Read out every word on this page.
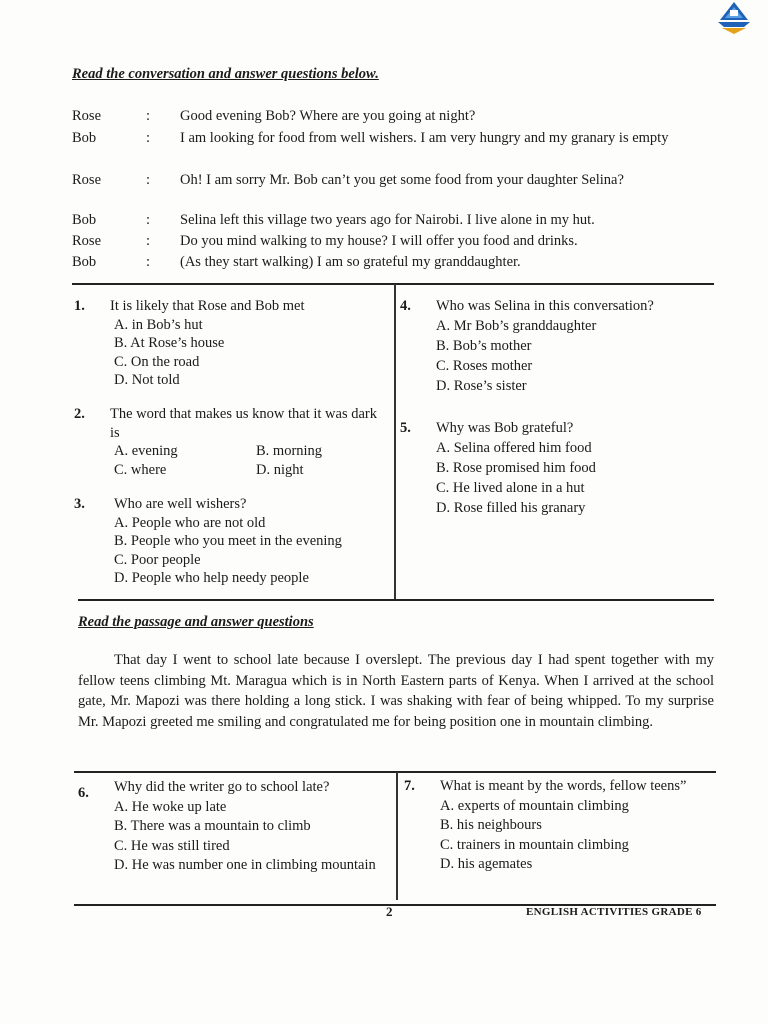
Read the conversation and answer questions below.
Rose	: Good evening Bob? Where are you going at night?
Bob	: I am looking for food from well wishers. I am very hungry and my granary is empty
Rose	: Oh! I am sorry Mr. Bob can’t you get some food from your daughter Selina?
Bob	: Selina left this village two years ago for Nairobi. I live alone in my hut.
Rose	: Do you mind walking to my house? I will offer you food and drinks.
Bob	: (As they start walking) I am so grateful my granddaughter.
1. It is likely that Rose and Bob met
A. in Bob’s hut
B. At Rose’s house
C. On the road
D. Not told
2. The word that makes us know that it was dark is
A. evening	B. morning
C. where	D. night
3. Who are well wishers?
A. People who are not old
B. People who you meet in the evening
C. Poor people
D. People who help needy people
4. Who was Selina in this conversation?
A. Mr Bob’s granddaughter
B. Bob’s mother
C. Roses mother
D. Rose’s sister
5. Why was Bob grateful?
A. Selina offered him food
B. Rose promised him food
C. He lived alone in a hut
D. Rose filled his granary
Read the passage and answer questions
That day I went to school late because I overslept. The previous day I had spent together with my fellow teens climbing Mt. Maragua which is in North Eastern parts of Kenya. When I arrived at the school gate, Mr. Mapozi was there holding a long stick. I was shaking with fear of being whipped. To my surprise Mr. Mapozi greeted me smiling and congratulated me for being position one in mountain climbing.
6. Why did the writer go to school late?
A. He woke up late
B. There was a mountain to climb
C. He was still tired
D. He was number one in climbing mountain
7. What is meant by the words, fellow teens”
A. experts of mountain climbing
B. his neighbours
C. trainers in mountain climbing
D. his agemates
2	ENGLISH ACTIVITIES GRADE 6
